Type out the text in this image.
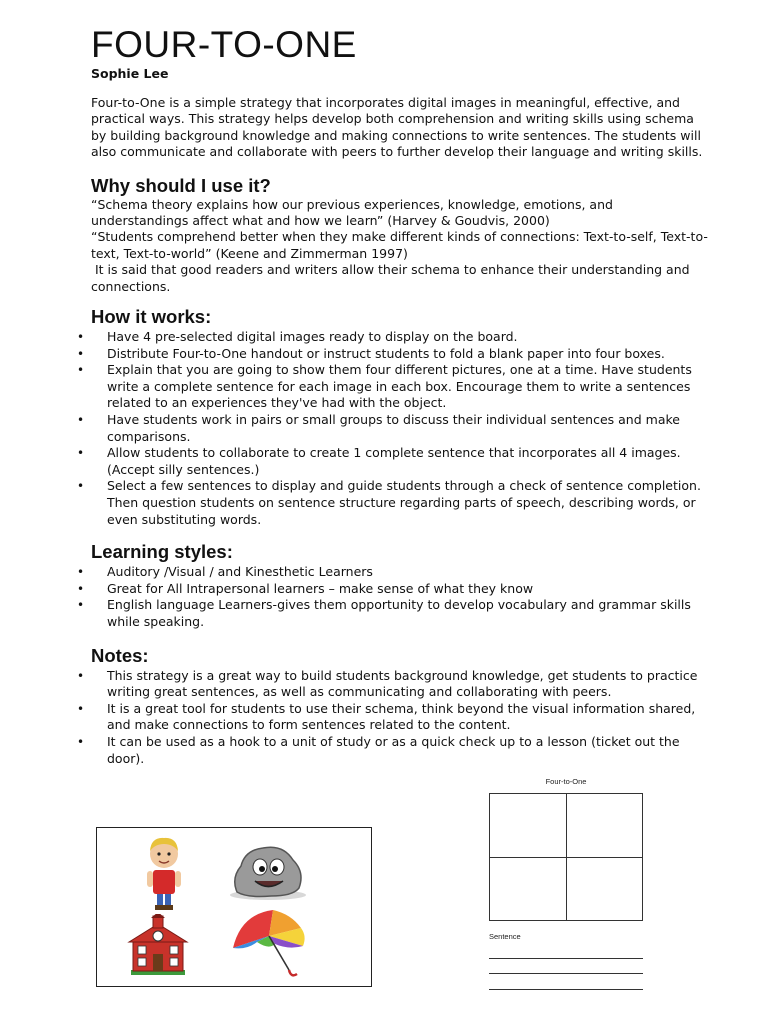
FOUR-TO-ONE
Sophie Lee
Four-to-One is a simple strategy that incorporates digital images in meaningful, effective, and
practical ways. This strategy helps develop both comprehension and writing skills using schema
by building background knowledge and making connections to write sentences. The students will
also communicate and collaborate with peers to further develop their language and writing skills.
Why should I use it?
“Schema theory explains how our previous experiences, knowledge, emotions, and
understandings affect what and how we learn” (Harvey & Goudvis, 2000)
“Students comprehend better when they make different kinds of connections: Text-to-self, Text-to-
text, Text-to-world” (Keene and Zimmerman 1997)
It is said that good readers and writers allow their schema to enhance their understanding and
connections.
How it works:
• Have 4 pre-selected digital images ready to display on the board.
• Distribute Four-to-One handout or instruct students to fold a blank paper into four boxes.
• Explain that you are going to show them four different pictures, one at a time. Have students
write a complete sentence for each image in each box. Encourage them to write a sentences
related to an experiences they've had with the object.
• Have students work in pairs or small groups to discuss their individual sentences and make
comparisons.
• Allow students to collaborate to create 1 complete sentence that incorporates all 4 images.
(Accept silly sentences.)
• Select a few sentences to display and guide students through a check of sentence completion.
Then question students on sentence structure regarding parts of speech, describing words, or
even substituting words.
Learning styles:
• Auditory /Visual / and Kinesthetic Learners
• Great for All Intrapersonal learners – make sense of what they know
• English language Learners-gives them opportunity to develop vocabulary and grammar skills
while speaking.
Notes:
• This strategy is a great way to build students background knowledge, get students to practice
writing great sentences, as well as communicating and collaborating with peers.
• It is a great tool for students to use their schema, think beyond the visual information shared,
and make connections to form sentences related to the content.
• It can be used as a hook to a unit of study or as a quick check up to a lesson (ticket out the
door).
Four-to-One
Sentence
